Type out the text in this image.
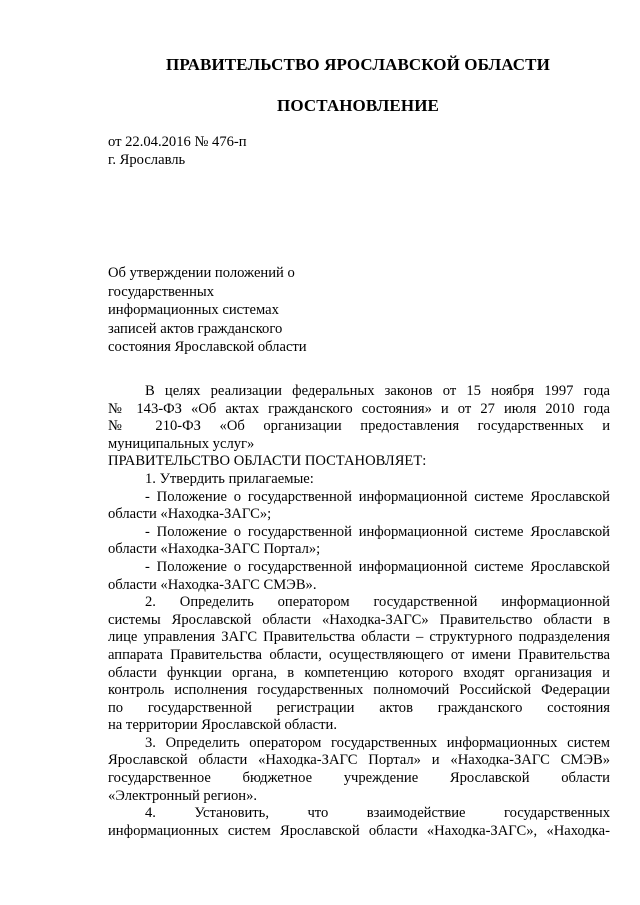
ПРАВИТЕЛЬСТВО ЯРОСЛАВСКОЙ ОБЛАСТИ
ПОСТАНОВЛЕНИЕ
от 22.04.2016 № 476-п
г. Ярославль
Об утверждении положений о
государственных
информационных системах
записей актов гражданского
состояния Ярославской области

В целях реализации федеральных законов от 15 ноября 1997 года

№ 143-ФЗ «Об актах гражданского состояния» и от 27 июля 2010 года

№ 210-ФЗ «Об организации предоставления государственных и

муниципальных услуг»

ПРАВИТЕЛЬСТВО ОБЛАСТИ ПОСТАНОВЛЯЕТ:

1. Утвердить прилагаемые:

- Положение о государственной информационной системе Ярославской

области «Находка-ЗАГС»;

- Положение о государственной информационной системе Ярославской

области «Находка-ЗАГС Портал»;

- Положение о государственной информационной системе Ярославской

области «Находка-ЗАГС СМЭВ».

2. Определить оператором государственной информационной

системы Ярославской области «Находка-ЗАГС» Правительство области в

лице управления ЗАГС Правительства области – структурного подразделения

аппарата Правительства области, осуществляющего от имени Правительства

области функции органа, в компетенцию которого входят организация и

контроль исполнения государственных полномочий Российской Федерации

по государственной регистрации актов гражданского состояния

на территории Ярославской области.

3. Определить оператором государственных информационных систем

Ярославской области «Находка-ЗАГС Портал» и «Находка-ЗАГС СМЭВ»

государственное бюджетное учреждение Ярославской области

«Электронный регион».

4. Установить, что взаимодействие государственных

информационных систем Ярославской области «Находка-ЗАГС», «Находка-
